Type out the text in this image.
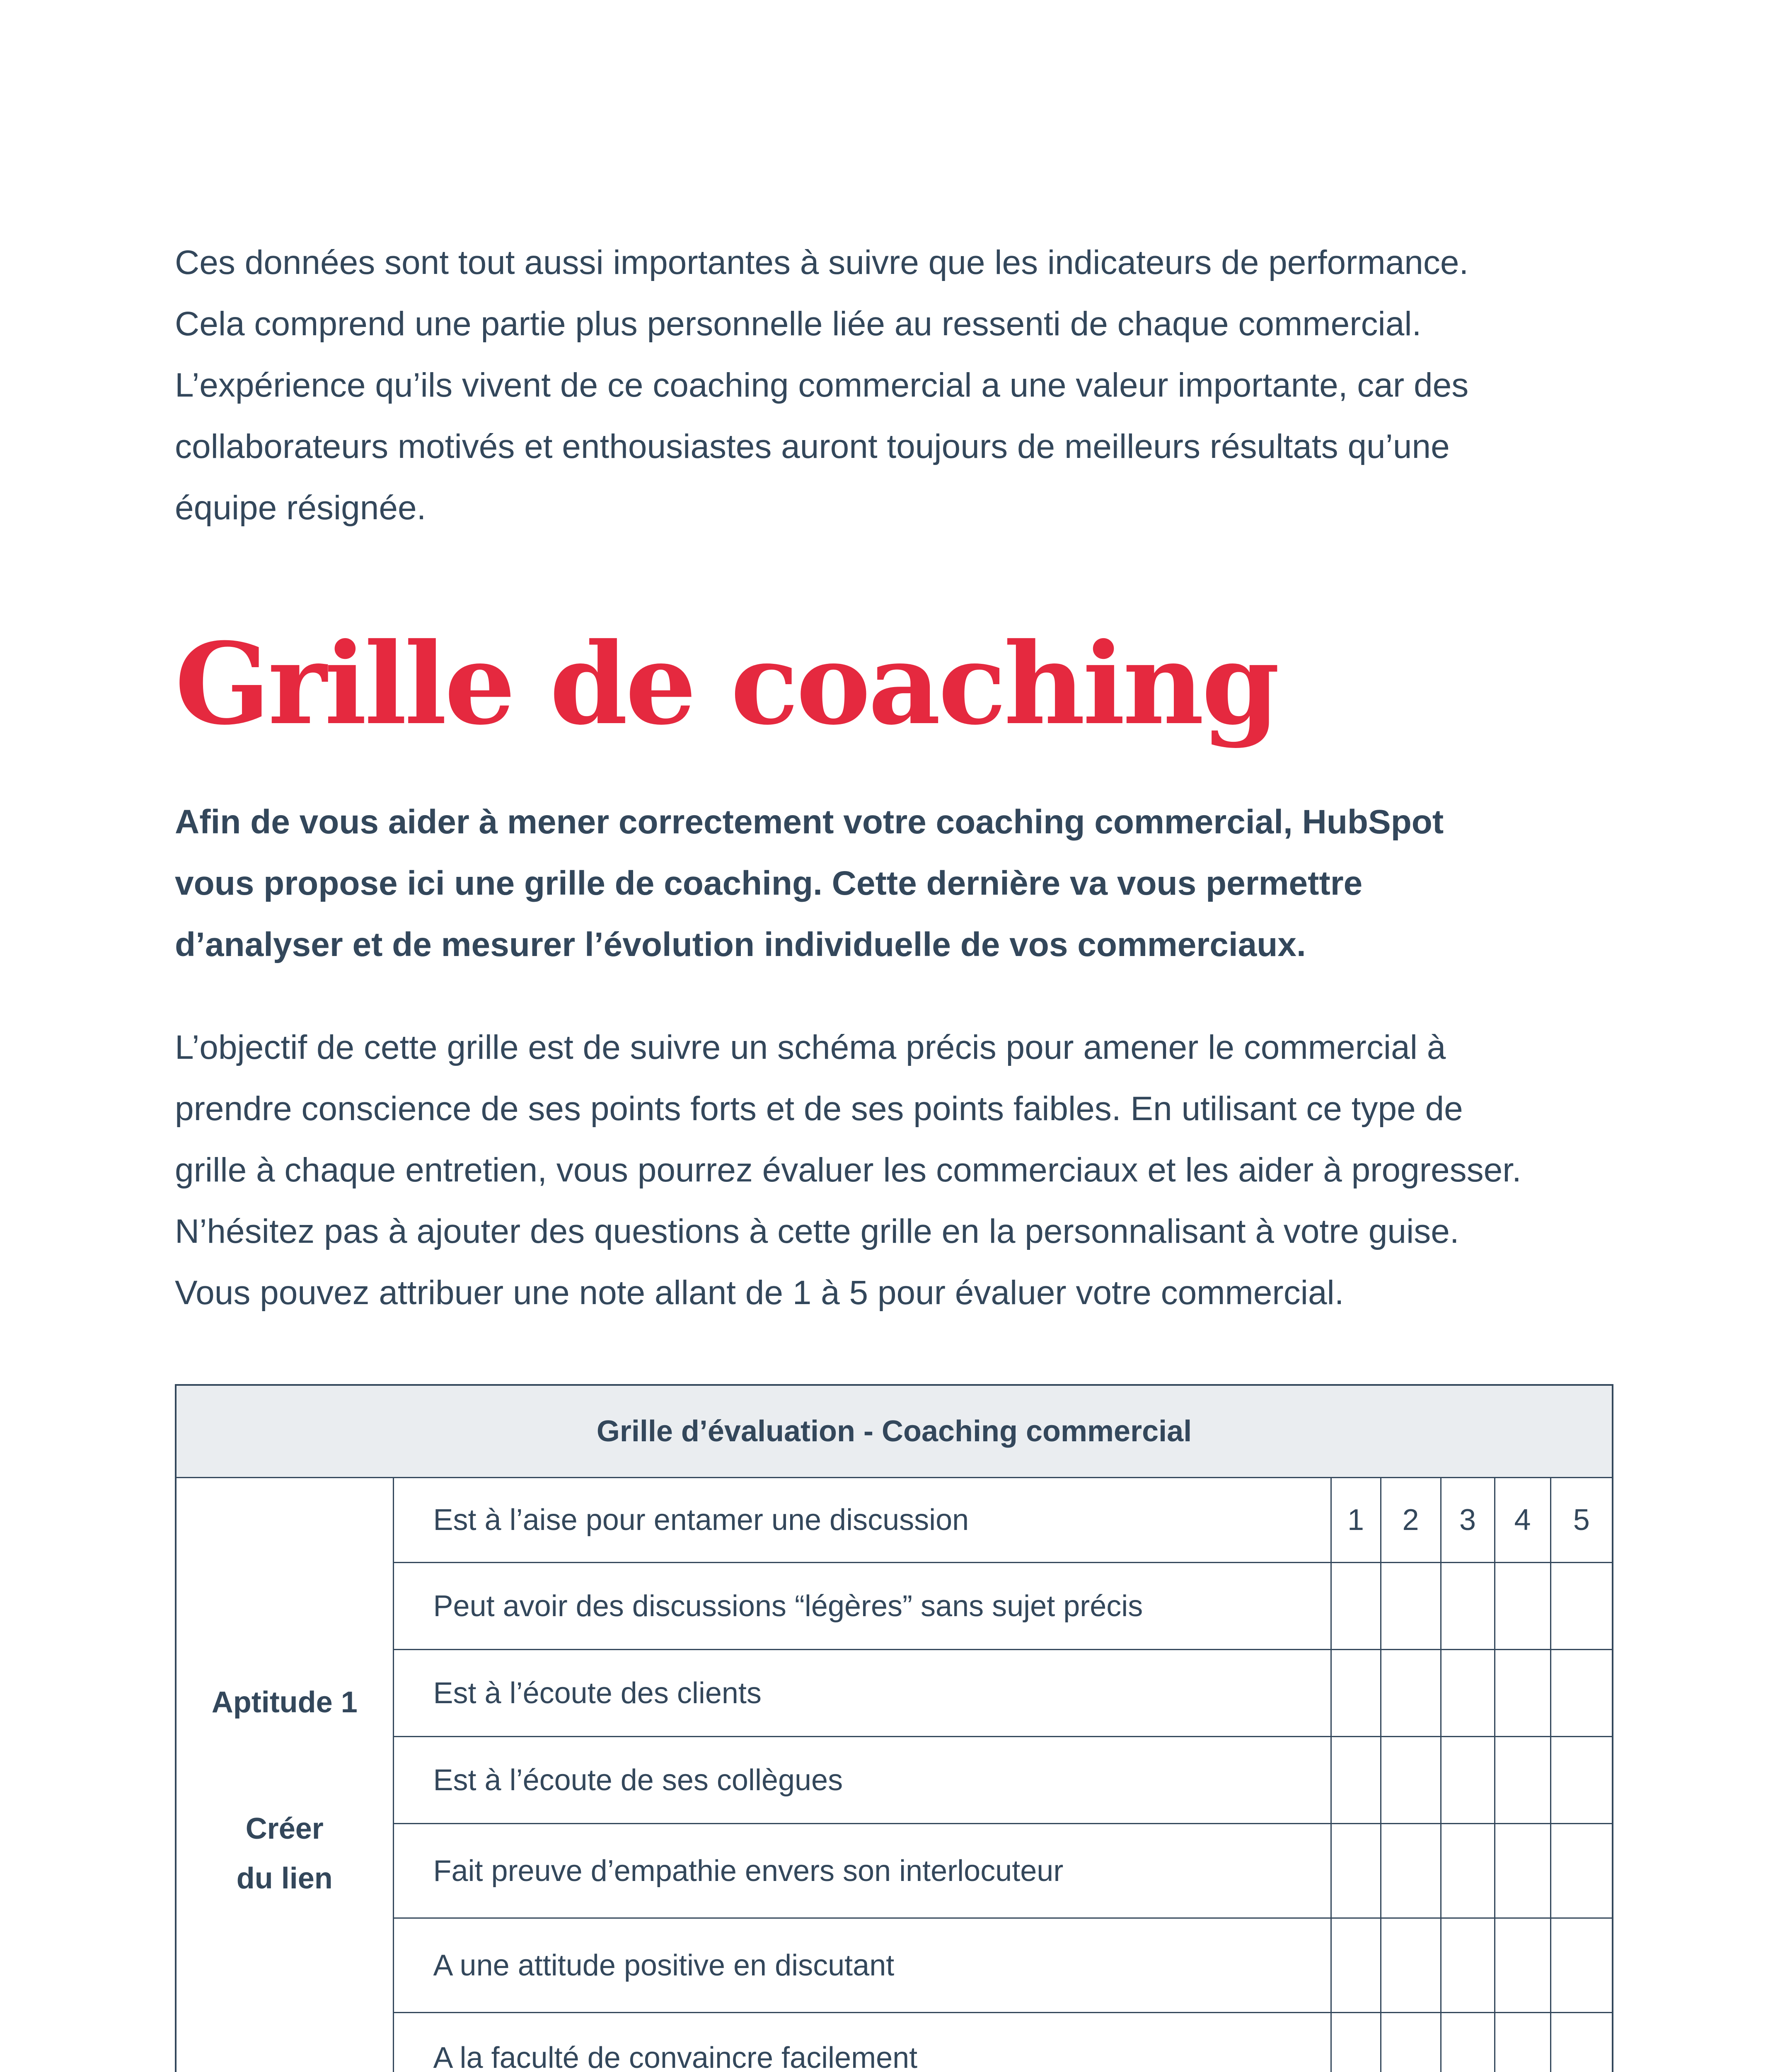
Ces données sont tout aussi importantes à suivre que les indicateurs de performance.

Cela comprend une partie plus personnelle liée au ressenti de chaque commercial.

L’expérience qu’ils vivent de ce coaching commercial a une valeur importante, car des

collaborateurs motivés et enthousiastes auront toujours de meilleurs résultats qu’une

équipe résignée.

Grille de coaching

Afin de vous aider à mener correctement votre coaching commercial, HubSpot

vous propose ici une grille de coaching. Cette dernière va vous permettre

d’analyser et de mesurer l’évolution individuelle de vos commerciaux.

L’objectif de cette grille est de suivre un schéma précis pour amener le commercial à

prendre conscience de ses points forts et de ses points faibles. En utilisant ce type de

grille à chaque entretien, vous pourrez évaluer les commerciaux et les aider à progresser.

N’hésitez pas à ajouter des questions à cette grille en la personnalisant à votre guise.

Vous pouvez attribuer une note allant de 1 à 5 pour évaluer votre commercial.

Grille d’évaluation - Coaching commercial						

Aptitude 1
Créer
du lien	Est à l’aise pour entamer une discussion	1	2	3	4	5
	Peut avoir des discussions “légères” sans sujet précis					
	Est à l’écoute des clients					
	Est à l’écoute de ses collègues					
	Fait preuve d’empathie envers son interlocuteur					
	A une attitude positive en discutant					
	A la faculté de convaincre facilement					
